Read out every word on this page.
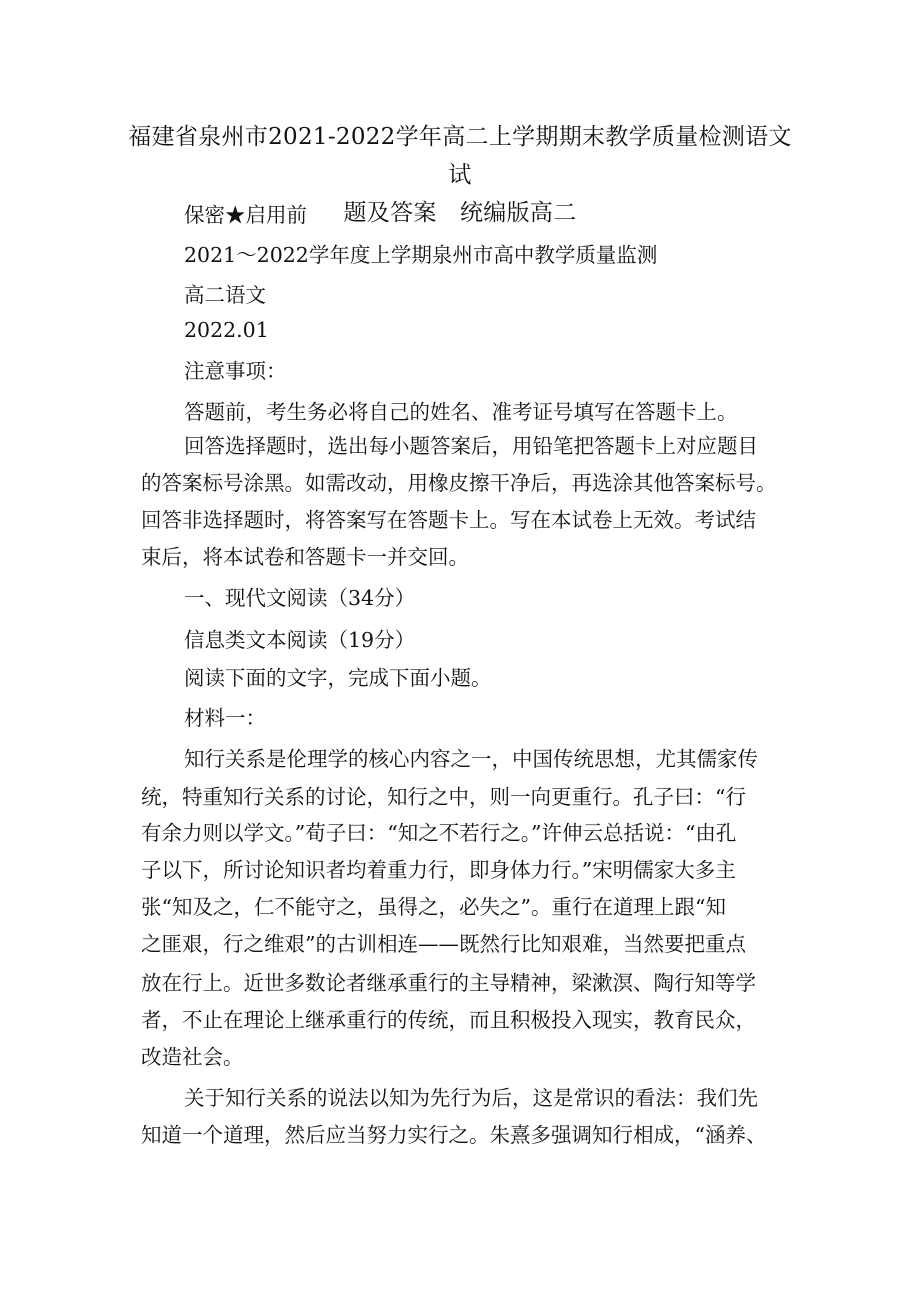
福建省泉州市2021-2022学年高二上学期期末教学质量检测语文试
题及答案　统编版高二
保密★启用前
2021～2022学年度上学期泉州市高中教学质量监测
高二语文
2022.01
注意事项：
答题前，考生务必将自己的姓名、准考证号填写在答题卡上。
回答选择题时，选出每小题答案后，用铅笔把答题卡上对应题目
的答案标号涂黑。如需改动，用橡皮擦干净后，再选涂其他答案标号。
回答非选择题时，将答案写在答题卡上。写在本试卷上无效。考试结
束后，将本试卷和答题卡一并交回。
一、现代文阅读（34分）
信息类文本阅读（19分）
阅读下面的文字，完成下面小题。
材料一：
知行关系是伦理学的核心内容之一，中国传统思想，尤其儒家传
统，特重知行关系的讨论，知行之中，则一向更重行。孔子曰：“行
有余力则以学文。”荀子曰：“知之不若行之。”许伸云总括说：“由孔
子以下，所讨论知识者均着重力行，即身体力行。”宋明儒家大多主
张“知及之，仁不能守之，虽得之，必失之”。重行在道理上跟“知
之匪艰，行之维艰”的古训相连——既然行比知艰难，当然要把重点
放在行上。近世多数论者继承重行的主导精神，梁漱溟、陶行知等学
者，不止在理论上继承重行的传统，而且积极投入现实，教育民众，
改造社会。
关于知行关系的说法以知为先行为后，这是常识的看法：我们先
知道一个道理，然后应当努力实行之。朱熹多强调知行相成，“涵养、
